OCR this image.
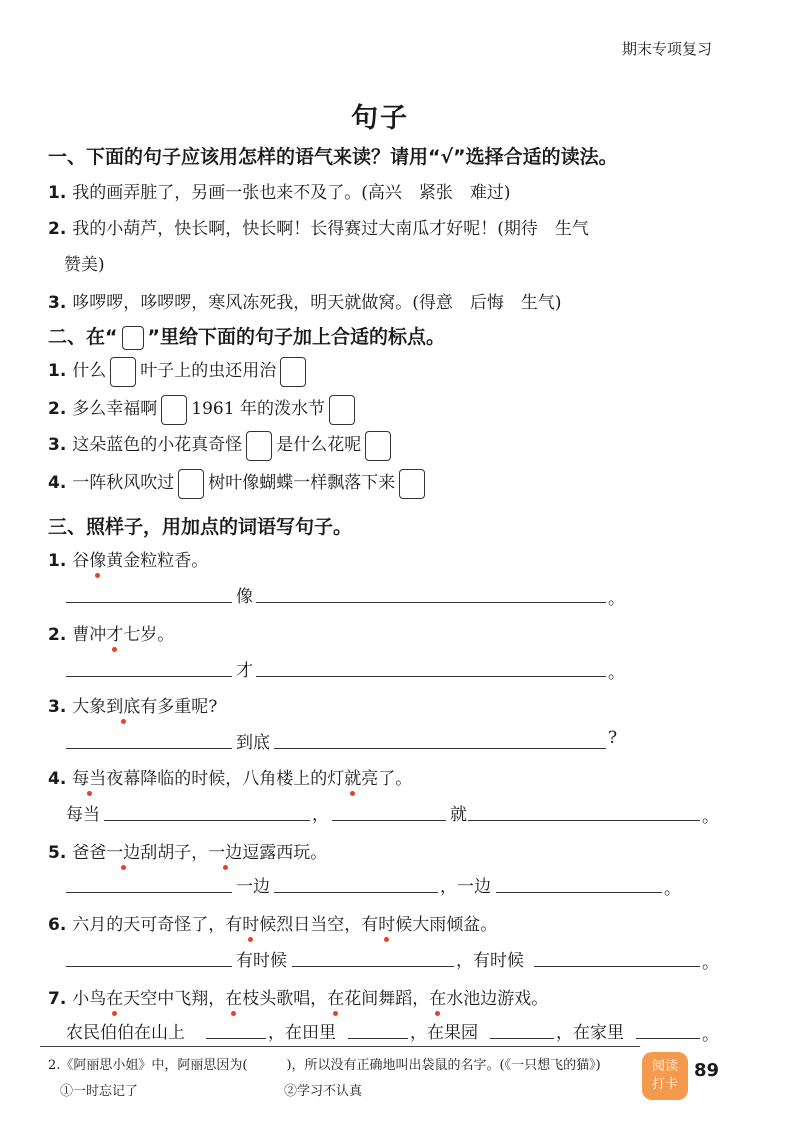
期末专项复习
句子
一、下面的句子应该用怎样的语气来读？请用“√”选择合适的读法。
1. 我的画弄脏了，另画一张也来不及了。(高兴　紧张　难过)
2. 我的小葫芦，快长啊，快长啊！长得赛过大南瓜才好呢！(期待　生气
赞美)
3. 哆啰啰，哆啰啰，寒风冻死我，明天就做窝。(得意　后悔　生气)
二、在“ ”里给下面的句子加上合适的标点。
1. 什么 叶子上的虫还用治
2. 多么幸福啊 1961 年的泼水节
3. 这朵蓝色的小花真奇怪 是什么花呢
4. 一阵秋风吹过 树叶像蝴蝶一样飘落下来
三、照样子，用加点的词语写句子。
1. 谷像黄金粒粒香。
像	。
2. 曹冲才七岁。
才	。
3. 大象到底有多重呢?
到底	?
4. 每当夜幕降临的时候，八角楼上的灯就亮了。
每当	，	就	。
5. 爸爸一边刮胡子，一边逗露西玩。
一边	，一边	。
6. 六月的天可奇怪了，有时候烈日当空，有时候大雨倾盆。
有时候	，有时候	。
7. 小鸟在天空中飞翔，在枝头歌唱，在花间舞蹈，在水池边游戏。
农民伯伯在山上	，在田里	，在果园	，在家里	。
2.《阿丽思小姐》中，阿丽思因为(　　　)，所以没有正确地叫出袋鼠的名字。(《一只想飞的猫》)
①一时忘记了	②学习不认真
阅读
打卡
89
